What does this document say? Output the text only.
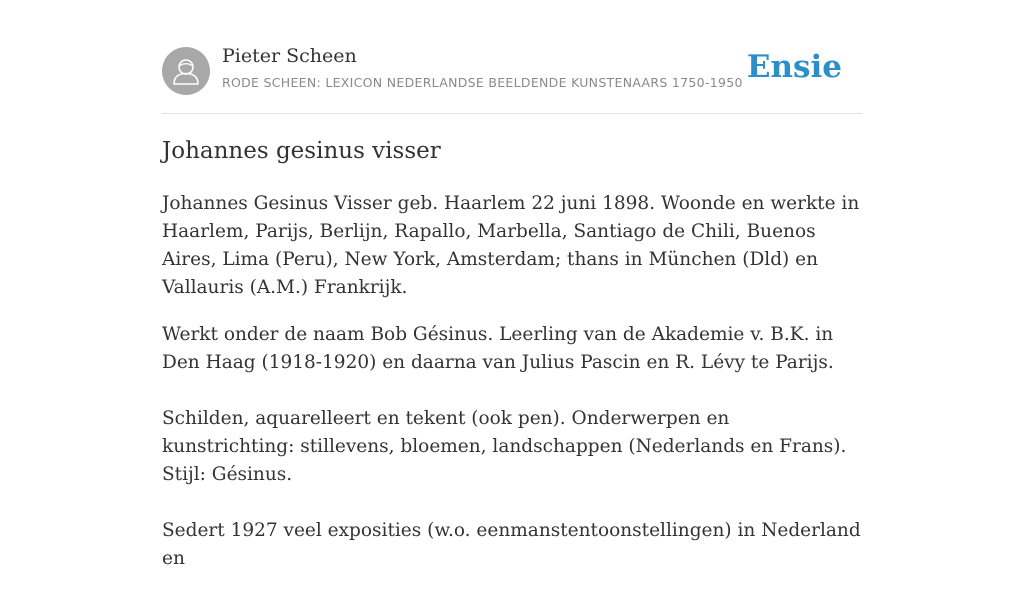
Pieter Scheen
RODE SCHEEN: LEXICON NEDERLANDSE BEELDENDE KUNSTENAARS 1750-1950 Ensie
Johannes gesinus visser

Johannes Gesinus Visser geb. Haarlem 22 juni 1898. Woonde en werkte in Haarlem, Parijs, Berlijn, Rapallo, Marbella, Santiago de Chili, Buenos Aires, Lima (Peru), New York, Amsterdam; thans in München (Dld) en Vallauris (A.M.) Frankrijk.

Werkt onder de naam Bob Gésinus. Leerling van de Akademie v. B.K. in Den Haag (1918-1920) en daarna van Julius Pascin en R. Lévy te Parijs.

Schilden, aquarelleert en tekent (ook pen). Onderwerpen en kunstrichting: stillevens, bloemen, landschappen (Nederlands en Frans). Stijl: Gésinus.

Sedert 1927 veel exposities (w.o. eenmanstentoonstellingen) in Nederland en
